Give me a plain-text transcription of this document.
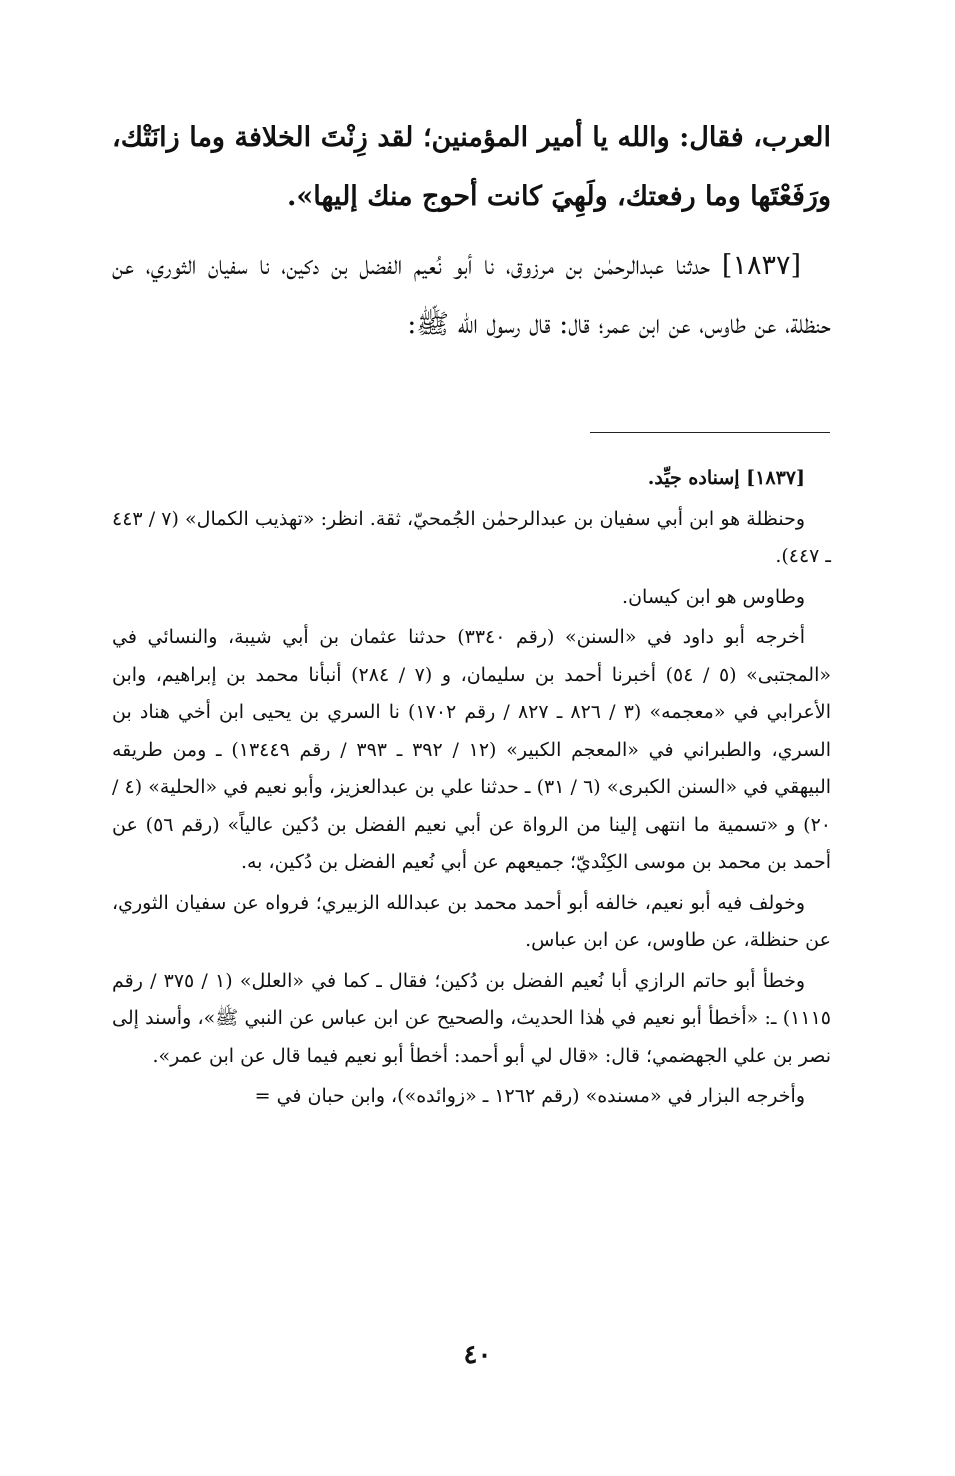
العرب، فقال: والله يا أمير المؤمنين؛ لقد زِنْتَ الخلافة وما زانَتْك، ورَفَعْتَها وما رفعتك، ولَهِيَ كانت أحوج منك إليها».

[١٨٣٧] حدثنا عبدالرحمٰن بن مرزوق، نا أبو نُعيم الفضل بن دكين، نا سفيان الثوري، عن حنظلة، عن طاوس، عن ابن عمر؛ قال: قال رسول الله ﷺ:

[١٨٣٧] إسناده جيِّد.

وحنظلة هو ابن أبي سفيان بن عبدالرحمٰن الجُمحيّ، ثقة. انظر: «تهذيب الكمال» (٧ / ٤٤٣ ـ ٤٤٧).

وطاوس هو ابن كيسان.

أخرجه أبو داود في «السنن» (رقم ٣٣٤٠) حدثنا عثمان بن أبي شيبة، والنسائي في «المجتبى» (٥ / ٥٤) أخبرنا أحمد بن سليمان، و (٧ / ٢٨٤) أنبأنا محمد بن إبراهيم، وابن الأعرابي في «معجمه» (٣ / ٨٢٦ ـ ٨٢٧ / رقم ١٧٠٢) نا السري بن يحيى ابن أخي هناد بن السري، والطبراني في «المعجم الكبير» (١٢ / ٣٩٢ ـ ٣٩٣ / رقم ١٣٤٤٩) ـ ومن طريقه البيهقي في «السنن الكبرى» (٦ / ٣١) ـ حدثنا علي بن عبدالعزيز، وأبو نعيم في «الحلية» (٤ / ٢٠) و «تسمية ما انتهى إلينا من الرواة عن أبي نعيم الفضل بن دُكين عالياً» (رقم ٥٦) عن أحمد بن محمد بن موسى الكِنْديّ؛ جميعهم عن أبي نُعيم الفضل بن دُكين، به.

وخولف فيه أبو نعيم، خالفه أبو أحمد محمد بن عبدالله الزبيري؛ فرواه عن سفيان الثوري، عن حنظلة، عن طاوس، عن ابن عباس.

وخطأ أبو حاتم الرازي أبا نُعيم الفضل بن دُكين؛ فقال ـ كما في «العلل» (١ / ٣٧٥ / رقم ١١١٥) ـ: «أخطأ أبو نعيم في هٰذا الحديث، والصحيح عن ابن عباس عن النبي ﷺ»، وأسند إلى نصر بن علي الجهضمي؛ قال: «قال لي أبو أحمد: أخطأ أبو نعيم فيما قال عن ابن عمر».

وأخرجه البزار في «مسنده» (رقم ١٢٦٢ ـ «زوائده»)، وابن حبان في =

٤٠
